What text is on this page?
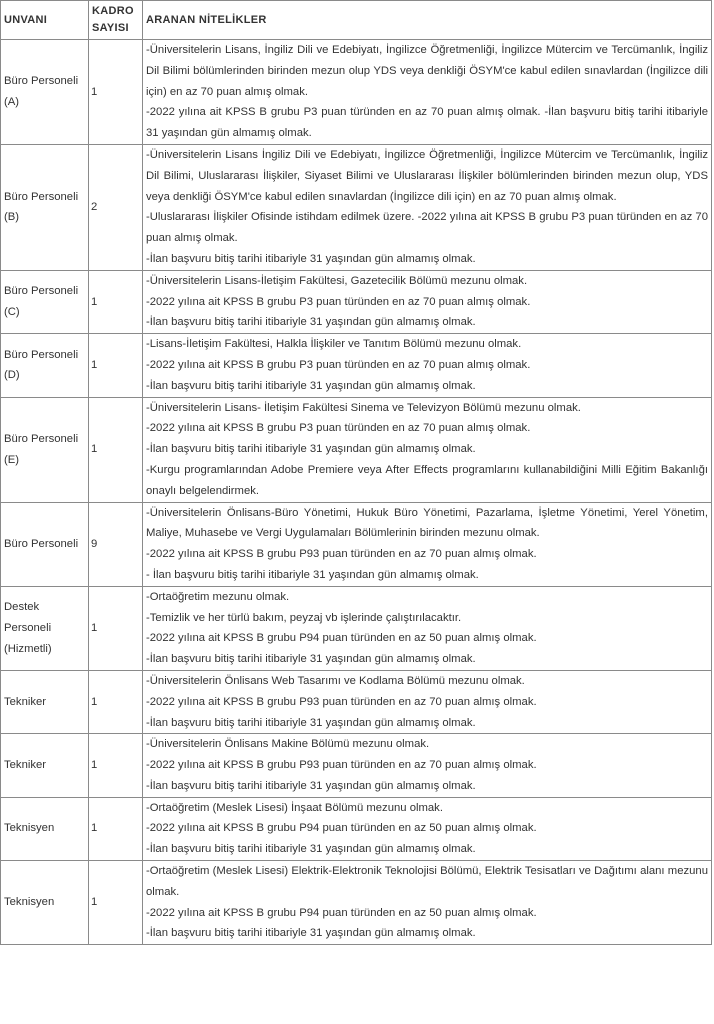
UNVANI	KADRO SAYISI	ARANAN NİTELİKLER
Büro Personeli (A)	1	-Üniversitelerin Lisans, İngiliz Dili ve Edebiyatı, İngilizce Öğretmenliği, İngilizce Mütercim ve Tercümanlık, İngiliz Dil Bilimi bölümlerinden birinden mezun olup YDS veya denkliği ÖSYM'ce kabul edilen sınavlardan (İngilizce dili için) en az 70 puan almış olmak.
-2022 yılına ait KPSS B grubu P3 puan türünden en az 70 puan almış olmak. -İlan başvuru bitiş tarihi itibariyle 31 yaşından gün almamış olmak.

Büro Personeli (B)	2	-Üniversitelerin Lisans İngiliz Dili ve Edebiyatı, İngilizce Öğretmenliği, İngilizce Mütercim ve Tercümanlık, İngiliz Dil Bilimi, Uluslararası İlişkiler, Siyaset Bilimi ve Uluslararası İlişkiler bölümlerinden birinden mezun olup, YDS veya denkliği ÖSYM'ce kabul edilen sınavlardan (İngilizce dili için) en az 70 puan almış olmak.
-Uluslararası İlişkiler Ofisinde istihdam edilmek üzere. -2022 yılına ait KPSS B grubu P3 puan türünden en az 70 puan almış olmak.
-İlan başvuru bitiş tarihi itibariyle 31 yaşından gün almamış olmak.

Büro Personeli (C)	1	-Üniversitelerin Lisans-İletişim Fakültesi, Gazetecilik Bölümü mezunu olmak.
-2022 yılına ait KPSS B grubu P3 puan türünden en az 70 puan almış olmak.
-İlan başvuru bitiş tarihi itibariyle 31 yaşından gün almamış olmak.

Büro Personeli (D)	1	-Lisans-İletişim Fakültesi, Halkla İlişkiler ve Tanıtım Bölümü mezunu olmak.
-2022 yılına ait KPSS B grubu P3 puan türünden en az 70 puan almış olmak.
-İlan başvuru bitiş tarihi itibariyle 31 yaşından gün almamış olmak.

Büro Personeli (E)	1	-Üniversitelerin Lisans- İletişim Fakültesi Sinema ve Televizyon Bölümü mezunu olmak.
-2022 yılına ait KPSS B grubu P3 puan türünden en az 70 puan almış olmak.
-İlan başvuru bitiş tarihi itibariyle 31 yaşından gün almamış olmak.
-Kurgu programlarından Adobe Premiere veya After Effects programlarını kullanabildiğini Milli Eğitim Bakanlığı onaylı belgelendirmek.

Büro Personeli	9	-Üniversitelerin Önlisans-Büro Yönetimi, Hukuk Büro Yönetimi, Pazarlama, İşletme Yönetimi, Yerel Yönetim, Maliye, Muhasebe ve Vergi Uygulamaları Bölümlerinin birinden mezunu olmak.
-2022 yılına ait KPSS B grubu P93 puan türünden en az 70 puan almış olmak.
- İlan başvuru bitiş tarihi itibariyle 31 yaşından gün almamış olmak.

Destek Personeli (Hizmetli)	1	-Ortaöğretim mezunu olmak.
-Temizlik ve her türlü bakım, peyzaj vb işlerinde çalıştırılacaktır.
-2022 yılına ait KPSS B grubu P94 puan türünden en az 50 puan almış olmak.
-İlan başvuru bitiş tarihi itibariyle 31 yaşından gün almamış olmak.

Tekniker	1	-Üniversitelerin Önlisans Web Tasarımı ve Kodlama Bölümü mezunu olmak.
-2022 yılına ait KPSS B grubu P93 puan türünden en az 70 puan almış olmak.
-İlan başvuru bitiş tarihi itibariyle 31 yaşından gün almamış olmak.

Tekniker	1	-Üniversitelerin Önlisans Makine Bölümü mezunu olmak.
-2022 yılına ait KPSS B grubu P93 puan türünden en az 70 puan almış olmak.
-İlan başvuru bitiş tarihi itibariyle 31 yaşından gün almamış olmak.

Teknisyen	1	-Ortaöğretim (Meslek Lisesi) İnşaat Bölümü mezunu olmak.
-2022 yılına ait KPSS B grubu P94 puan türünden en az 50 puan almış olmak.
-İlan başvuru bitiş tarihi itibariyle 31 yaşından gün almamış olmak.

Teknisyen	1	-Ortaöğretim (Meslek Lisesi) Elektrik-Elektronik Teknolojisi Bölümü, Elektrik Tesisatları ve Dağıtımı alanı mezunu olmak.
-2022 yılına ait KPSS B grubu P94 puan türünden en az 50 puan almış olmak.
-İlan başvuru bitiş tarihi itibariyle 31 yaşından gün almamış olmak.
